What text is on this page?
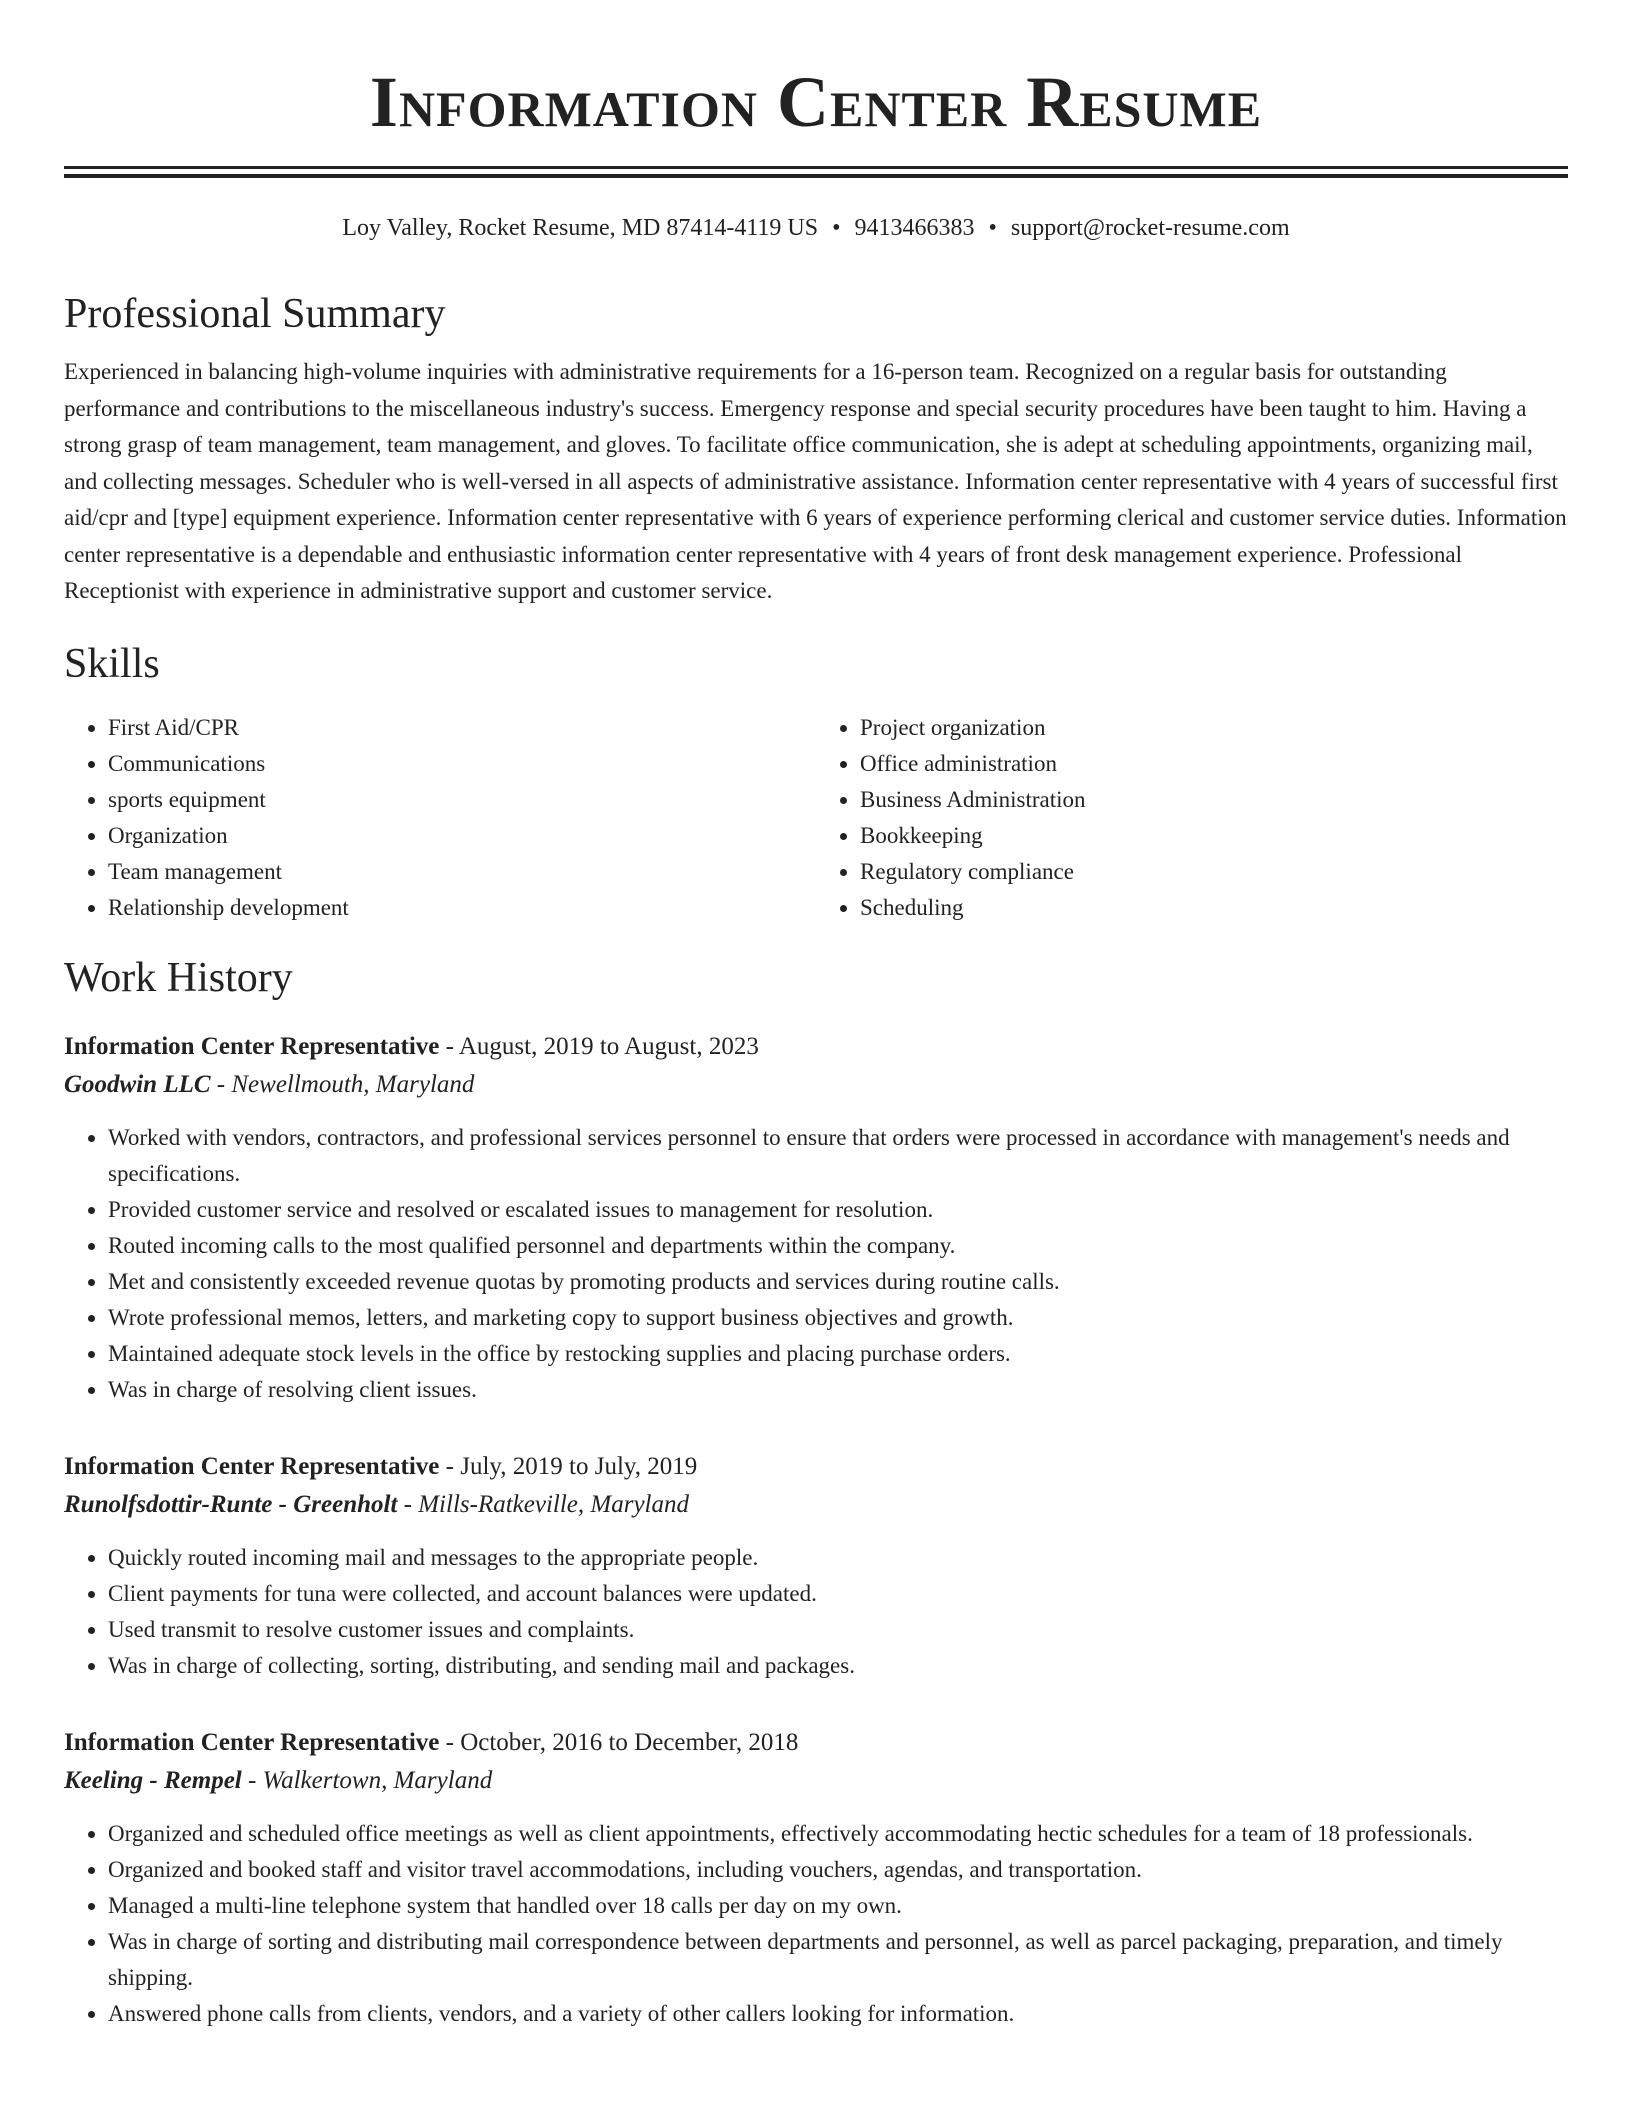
Information Center Resume
Loy Valley, Rocket Resume, MD 87414-4119 US • 9413466383 • support@rocket-resume.com
Professional Summary

Experienced in balancing high-volume inquiries with administrative requirements for a 16-person team. Recognized on a regular basis for outstanding performance and contributions to the miscellaneous industry's success. Emergency response and special security procedures have been taught to him. Having a strong grasp of team management, team management, and gloves. To facilitate office communication, she is adept at scheduling appointments, organizing mail, and collecting messages. Scheduler who is well-versed in all aspects of administrative assistance. Information center representative with 4 years of successful first aid/cpr and [type] equipment experience. Information center representative with 6 years of experience performing clerical and customer service duties. Information center representative is a dependable and enthusiastic information center representative with 4 years of front desk management experience. Professional Receptionist with experience in administrative support and customer service.

Skills
• First Aid/CPR
• Communications
• sports equipment
• Organization
• Team management
• Relationship development
• Project organization
• Office administration
• Business Administration
• Bookkeeping
• Regulatory compliance
• Scheduling
Work History
Information Center Representative - August, 2019 to August, 2023
Goodwin LLC - Newellmouth, Maryland
• Worked with vendors, contractors, and professional services personnel to ensure that orders were processed in accordance with management's needs and specifications.
• Provided customer service and resolved or escalated issues to management for resolution.
• Routed incoming calls to the most qualified personnel and departments within the company.
• Met and consistently exceeded revenue quotas by promoting products and services during routine calls.
• Wrote professional memos, letters, and marketing copy to support business objectives and growth.
• Maintained adequate stock levels in the office by restocking supplies and placing purchase orders.
• Was in charge of resolving client issues.
Information Center Representative - July, 2019 to July, 2019
Runolfsdottir-Runte - Greenholt - Mills-Ratkeville, Maryland
• Quickly routed incoming mail and messages to the appropriate people.
• Client payments for tuna were collected, and account balances were updated.
• Used transmit to resolve customer issues and complaints.
• Was in charge of collecting, sorting, distributing, and sending mail and packages.
Information Center Representative - October, 2016 to December, 2018
Keeling - Rempel - Walkertown, Maryland
• Organized and scheduled office meetings as well as client appointments, effectively accommodating hectic schedules for a team of 18 professionals.
• Organized and booked staff and visitor travel accommodations, including vouchers, agendas, and transportation.
• Managed a multi-line telephone system that handled over 18 calls per day on my own.
• Was in charge of sorting and distributing mail correspondence between departments and personnel, as well as parcel packaging, preparation, and timely shipping.
• Answered phone calls from clients, vendors, and a variety of other callers looking for information.
